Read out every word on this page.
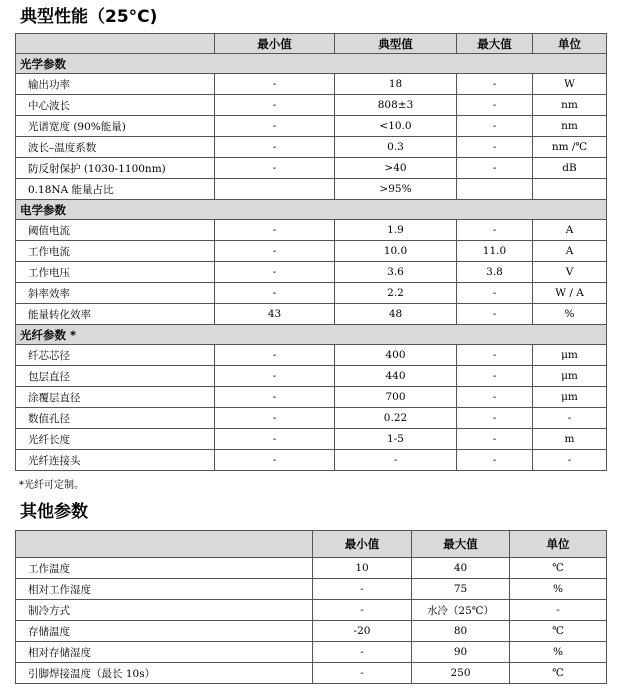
典型性能（25°C)
	最小值	典型值	最大值	单位
光学参数				
输出功率	-	18	-	W
中心波长	-	808±3	-	nm
光谱宽度 (90%能量)	-	<10.0	-	nm
波长–温度系数	-	0.3	-	nm /℃
防反射保护 (1030-1100nm)	-	>40	-	dB
0.18NA 能量占比		>95%		
电学参数				
阈值电流	-	1.9	-	A
工作电流	-	10.0	11.0	A
工作电压	-	3.6	3.8	V
斜率效率	-	2.2	-	W / A
能量转化效率	43	48	-	%
光纤参数 *				
纤芯芯径	-	400	-	μm
包层直径	-	440	-	μm
涂覆层直径	-	700	-	μm
数值孔径	-	0.22	-	-
光纤长度	-	1-5	-	m
光纤连接头	-	-	-	-
*光纤可定制。
其他参数
	最小值	最大值	单位
工作温度	10	40	℃
相对工作湿度	-	75	%
制冷方式	-	水冷（25℃）	-
存储温度	-20	80	℃
相对存储湿度	-	90	%
引脚焊接温度（最长 10s）	-	250	℃
